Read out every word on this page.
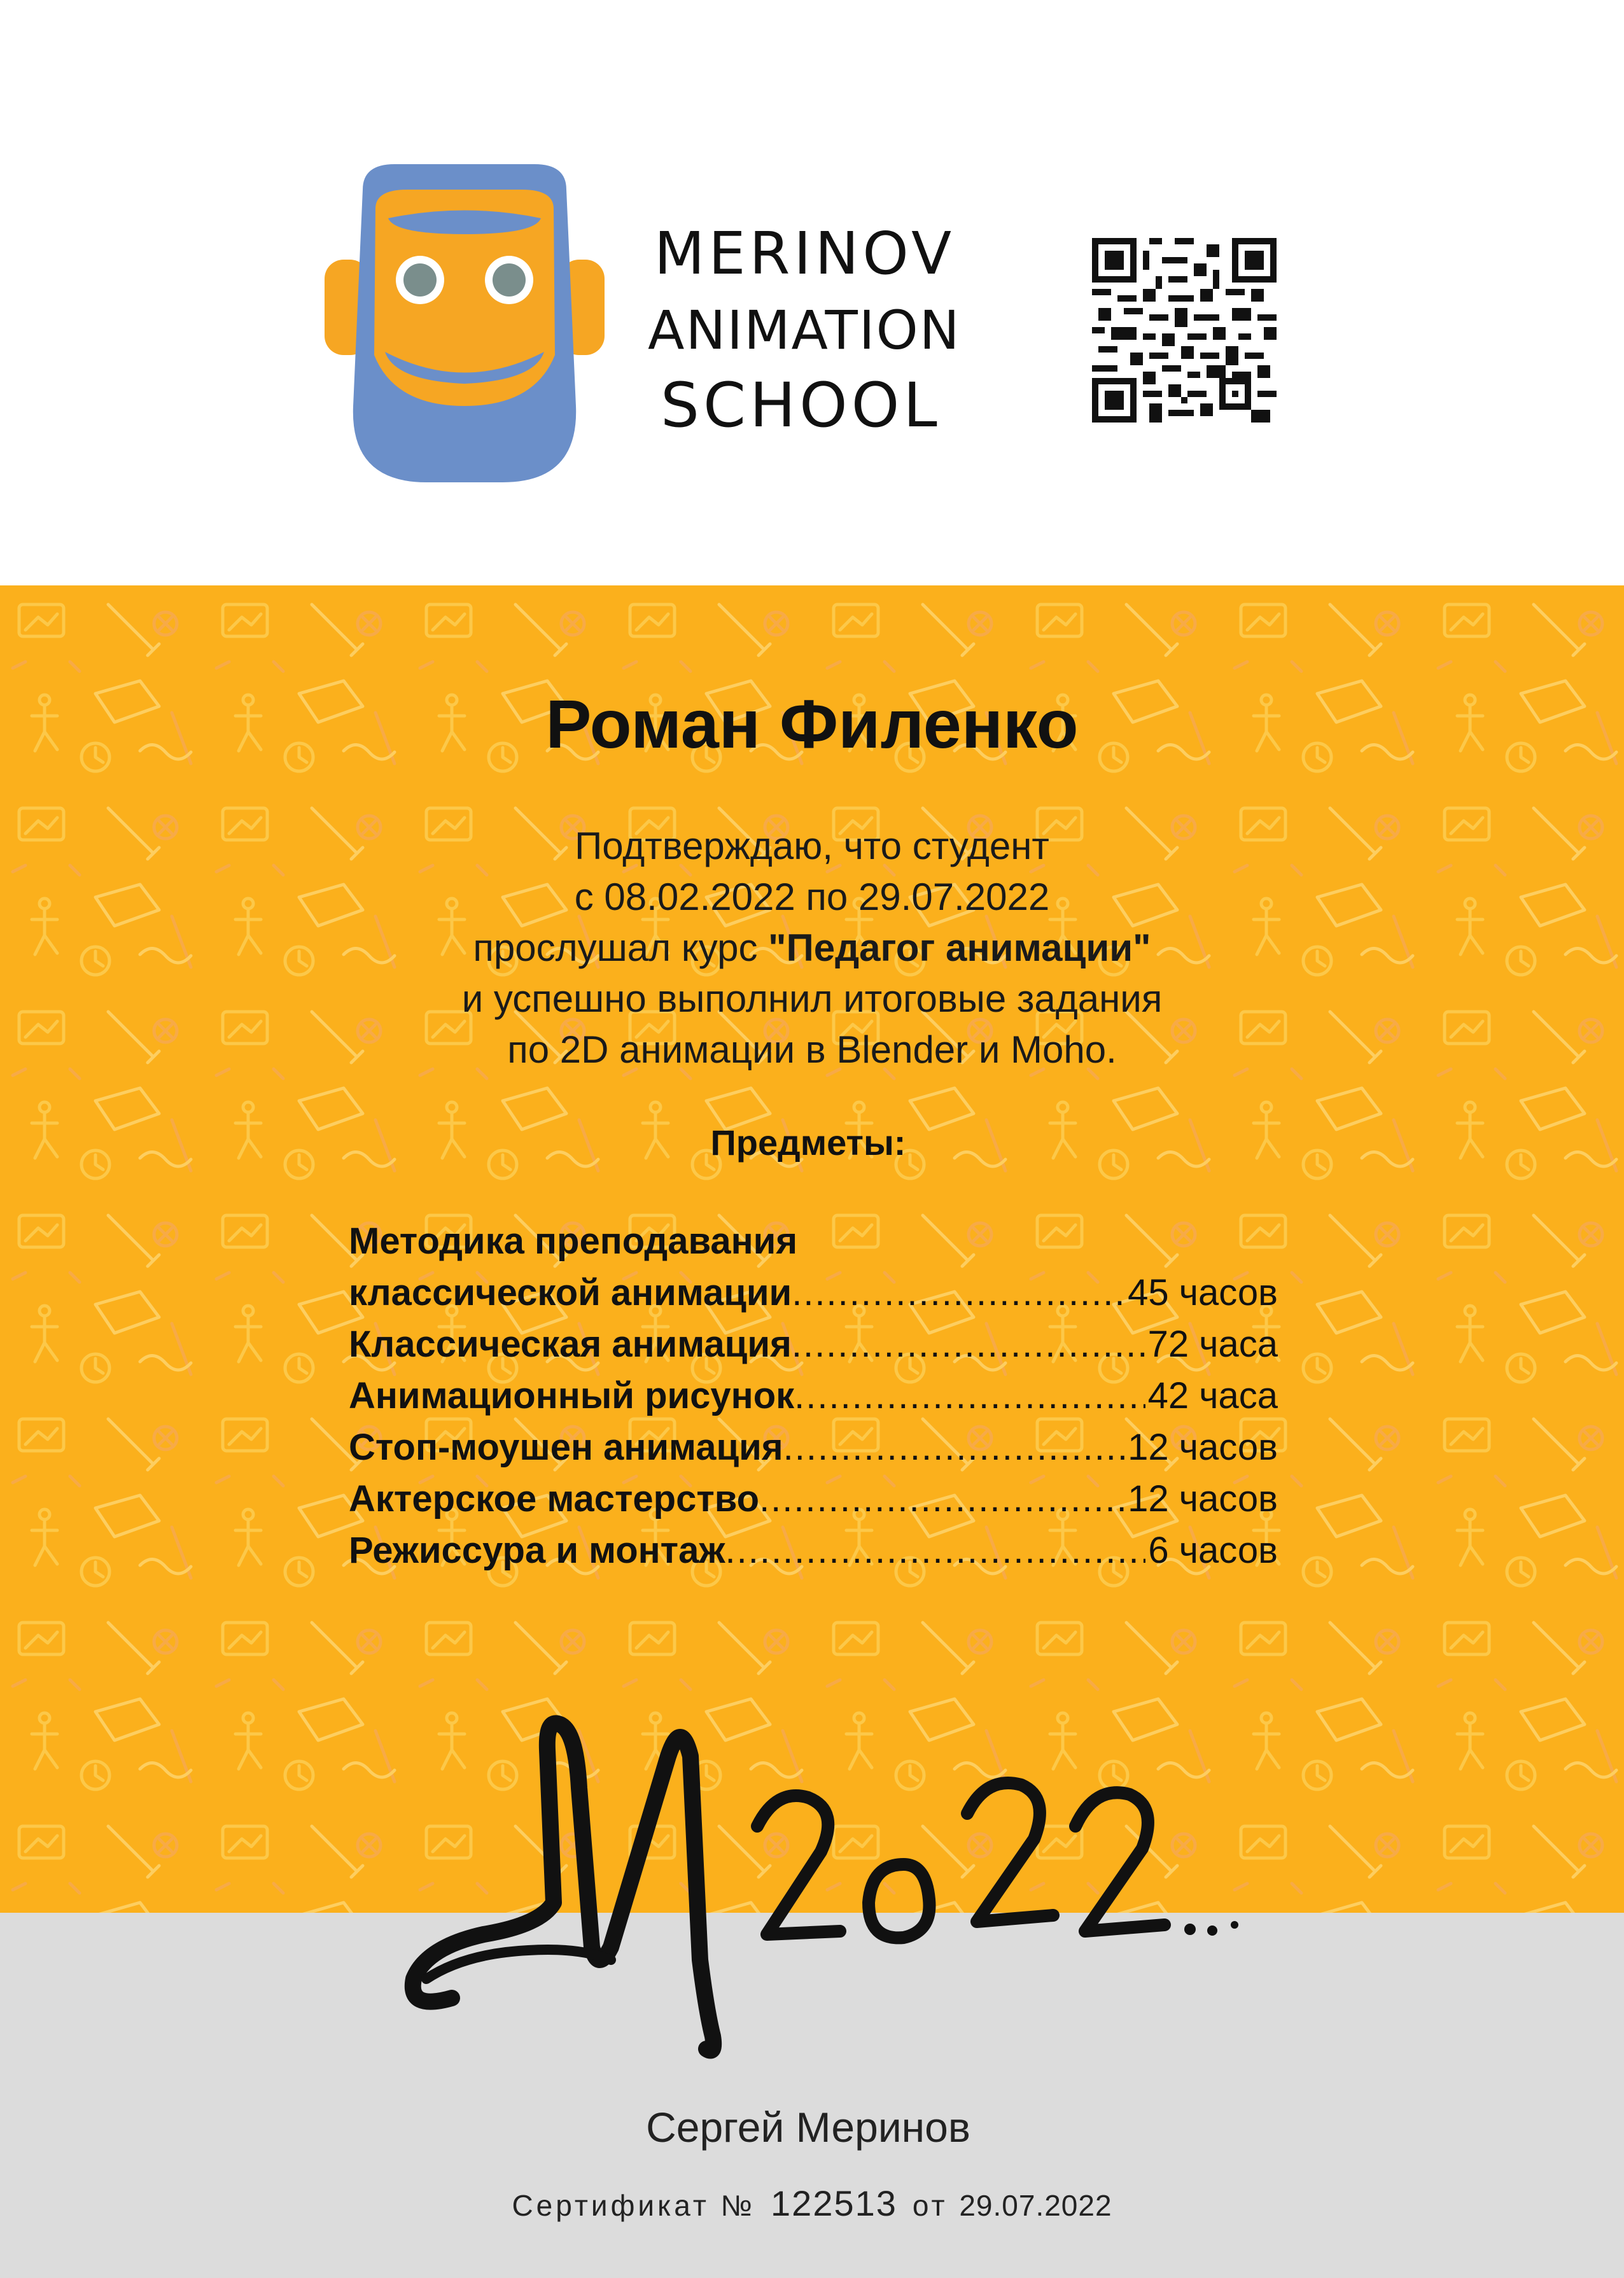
MERINOV
ANIMATION
SCHOOL
Роман Филенко
Подтверждаю, что студент
с 08.02.2022 по 29.07.2022
прослушал курс "Педагог анимации"
и успешно выполнил итоговые задания
по 2D анимации в Blender и Moho.
Предметы:
Методика преподавания
классической анимации .....	45 часов
Классическая анимация .....	72 часа
Анимационный рисунок .....	42 часа
Стоп-моушен анимация .....	12 часов
Актерское мастерство .....	12 часов
Режиссура и монтаж .....	6 часов
Сергей Меринов
Сертификат № 122513 от 29.07.2022
